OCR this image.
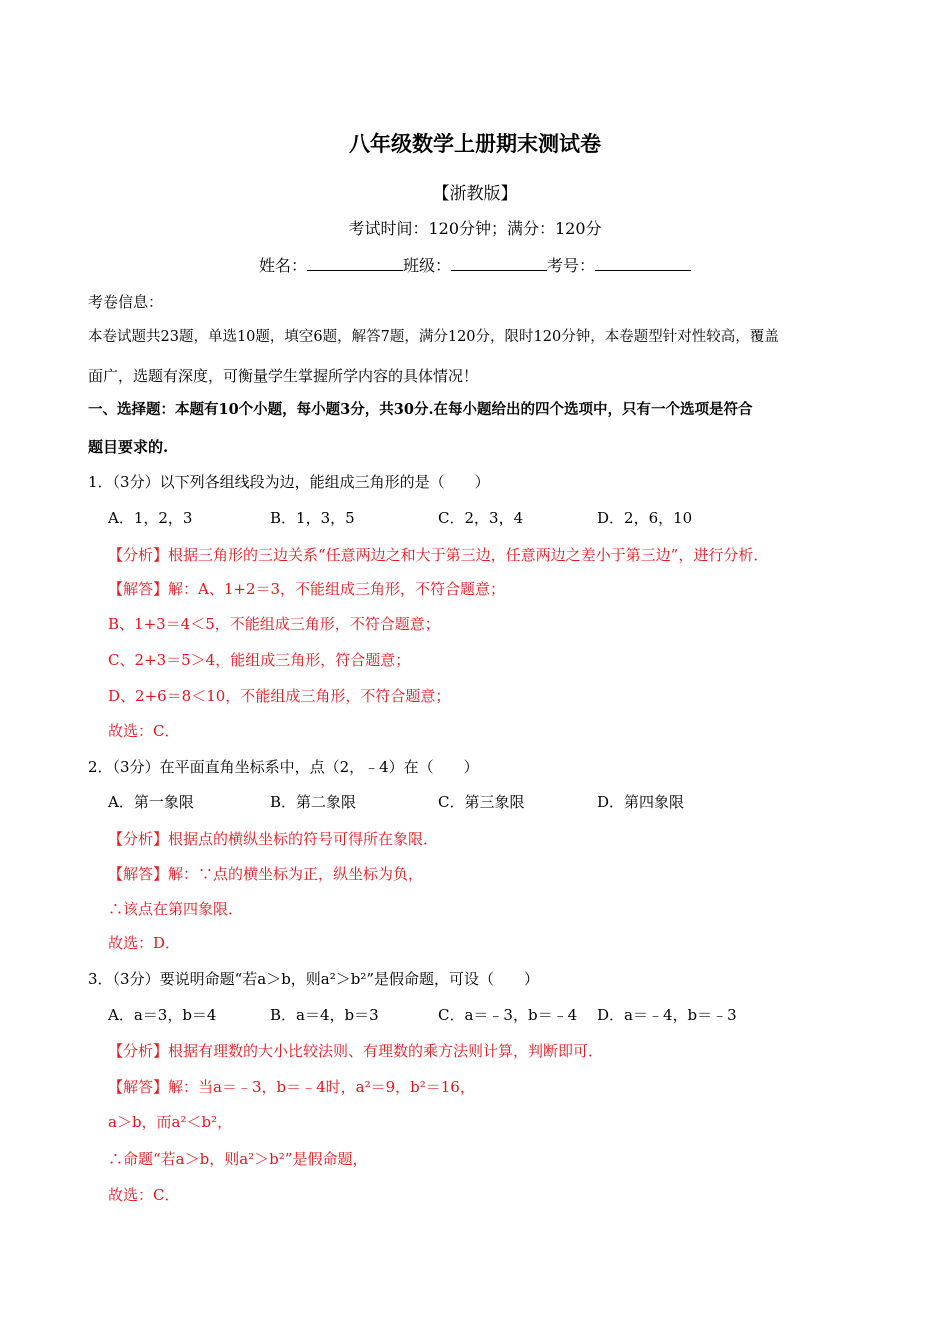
八年级数学上册期末测试卷
【浙教版】
考试时间：120分钟；满分：120分
姓名：	班级：	考号：
考卷信息：
本卷试题共23题，单选10题，填空6题，解答7题，满分120分，限时120分钟，本卷题型针对性较高，覆盖
面广，选题有深度，可衡量学生掌握所学内容的具体情况！
一、选择题：本题有10个小题，每小题3分，共30分.在每小题给出的四个选项中，只有一个选项是符合
题目要求的.
1．（3分）以下列各组线段为边，能组成三角形的是（　　）
A．1，2，3	B．1，3，5	C．2，3，4	D．2，6，10
【分析】根据三角形的三边关系“任意两边之和大于第三边，任意两边之差小于第三边”，进行分析．
【解答】解：A、1+2＝3，不能组成三角形，不符合题意；
B、1+3＝4＜5，不能组成三角形，不符合题意；
C、2+3＝5＞4，能组成三角形，符合题意；
D、2+6＝8＜10，不能组成三角形，不符合题意；
故选：C．
2．（3分）在平面直角坐标系中，点（2，﹣4）在（　　）
A．第一象限	B．第二象限	C．第三象限	D．第四象限
【分析】根据点的横纵坐标的符号可得所在象限．
【解答】解：∵点的横坐标为正，纵坐标为负，
∴该点在第四象限．
故选：D．
3．（3分）要说明命题“若a＞b，则a²＞b²”是假命题，可设（　　）
A．a＝3，b＝4	B．a＝4，b＝3	C．a＝﹣3，b＝﹣4 D．a＝﹣4，b＝﹣3
【分析】根据有理数的大小比较法则、有理数的乘方法则计算，判断即可．
【解答】解：当a＝﹣3，b＝﹣4时，a²＝9，b²＝16，
a＞b，而a²＜b²，
∴命题“若a＞b，则a²＞b²”是假命题，
故选：C．
